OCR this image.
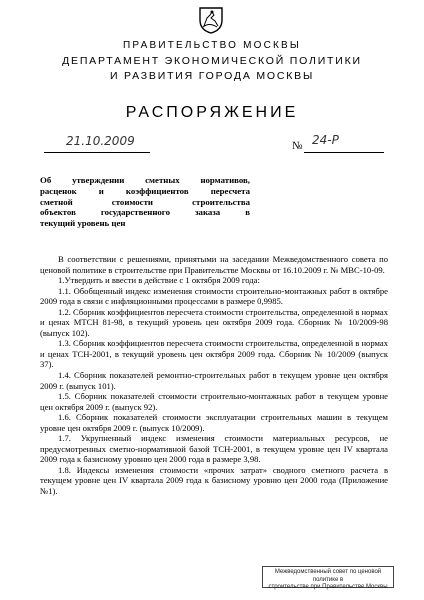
ПРАВИТЕЛЬСТВО МОСКВЫ
ДЕПАРТАМЕНТ ЭКОНОМИЧЕСКОЙ ПОЛИТИКИ
И РАЗВИТИЯ ГОРОДА МОСКВЫ
РАСПОРЯЖЕНИЕ
21.10.2009	№ 24-Р
Об утверждении сметных нормативов,
расценок и коэффициентов пересчета
сметной стоимости строительства
объектов государственного заказа в
текущий уровень цен

В соответствии с решениями, принятыми на заседании Межведомственного совета по ценовой политике в строительстве при Правительстве Москвы от 16.10.2009 г. № МВС-10-09.

1.Утвердить и ввести в действие с 1 октября 2009 года:

1.1. Обобщенный индекс изменения стоимости строительно-монтажных работ в октябре 2009 года в связи с инфляционными процессами в размере 0,9985.

1.2. Сборник коэффициентов пересчета стоимости строительства, определенной в нормах и ценах МТСН 81-98, в текущий уровень цен октября 2009 года. Сборник № 10/2009-98 (выпуск 102).

1.3. Сборник коэффициентов пересчета стоимости строительства, определенной в нормах и ценах ТСН-2001, в текущий уровень цен октября 2009 года. Сборник № 10/2009 (выпуск 37).

1.4. Сборник показателей ремонтно-строительных работ в текущем уровне цен октября 2009 г. (выпуск 101).

1.5. Сборник показателей стоимости строительно-монтажных работ в текущем уровне цен октября 2009 г. (выпуск 92).

1.6. Сборник показателей стоимости эксплуатации строительных машин в текущем уровне цен октября 2009 г. (выпуск 10/2009).

1.7. Укрупненный индекс изменения стоимости материальных ресурсов, не предусмотренных сметно-нормативной базой ТСН-2001, в текущем уровне цен IV квартала 2009 года к базисному уровню цен 2000 года в размере 3,98.

1.8. Индексы изменения стоимости «прочих затрат» сводного сметного расчета в текущем уровне цен IV квартала 2009 года к базисному уровню цен 2000 года (Приложение №1).

Межведомственный совет по ценовой политике в
строительстве при Правительстве Москвы
